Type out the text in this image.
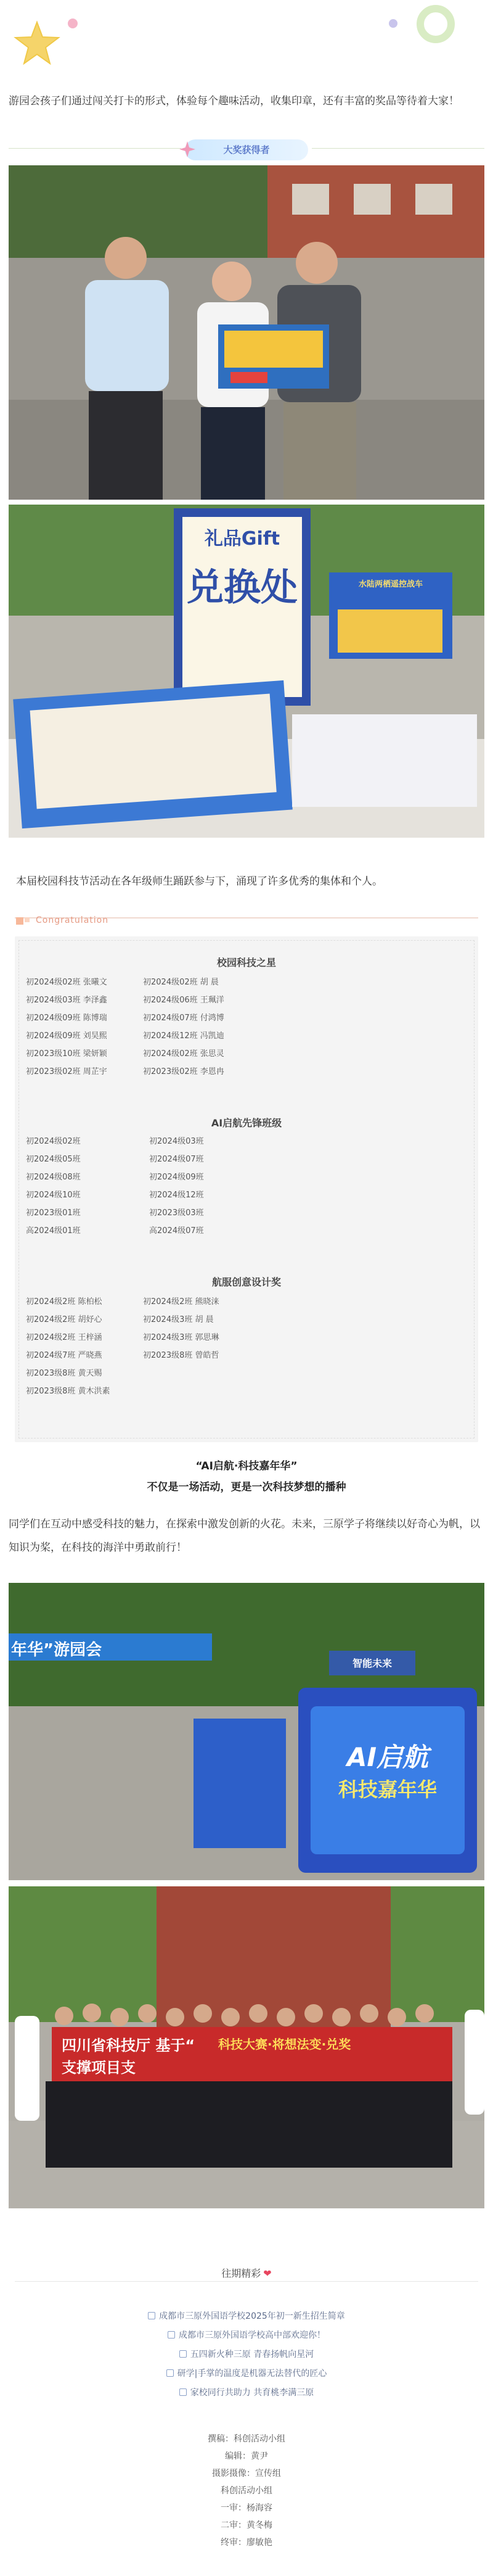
游园会孩子们通过闯关打卡的形式，体验每个趣味活动，收集印章，还有丰富的奖品等待着大家！

大奖获得者
礼品Gift
兑换处	水陆两栖遥控战车

本届校园科技节活动在各年级师生踊跃参与下，涌现了许多优秀的集体和个人。

Congratulation
校园科技之星
初2024级02班 张曦文	初2024级02班 胡 晨
初2024级03班 李泽鑫	初2024级06班 王珮洋
初2024级09班 陈博瑞	初2024级07班 付鸿博
初2024级09班 刘昊熙	初2024级12班 冯凯迪
初2023级10班 梁妍颖	初2024级02班 张思灵
初2023级02班 周芷宇	初2023级02班 李恩冉
AI启航先锋班级
初2024级02班	初2024级03班
初2024级05班	初2024级07班
初2024级08班	初2024级09班
初2024级10班	初2024级12班
初2023级01班	初2023级03班
高2024级01班	高2024级07班
航服创意设计奖
初2024级2班 陈柏松	初2024级2班 熊晓涞
初2024级2班 胡妤心	初2024级3班 胡 晨
初2024级2班 王梓涵	初2024级3班 郭思琳
初2024级7班 严晓燕	初2023级8班 曾皓哲
初2023级8班 黄天赐
初2023级8班 黄木洪素
“AI启航·科技嘉年华”
不仅是一场活动，更是一次科技梦想的播种

同学们在互动中感受科技的魅力，在探索中激发创新的火花。未来，三原学子将继续以好奇心为帆，以知识为桨，在科技的海洋中勇敢前行！

年华”游园会
智能未来
AI启航
科技嘉年华
四川省科技厅 基于“
支撑项目支
科技大赛·将想法变·兑奖
往期精彩 ❤
成都市三原外国语学校2025年初一新生招生简章
成都市三原外国语学校高中部欢迎你！
五四新火种三原 青春扬帆向星河
研学|手掌的温度是机器无法替代的匠心
家校同行共助力 共育桃李满三原
撰稿：科创活动小组
编辑：黄尹
摄影摄像：宣传组
科创活动小组
一审：杨海容
二审：黄冬梅
终审：廖敏艳
